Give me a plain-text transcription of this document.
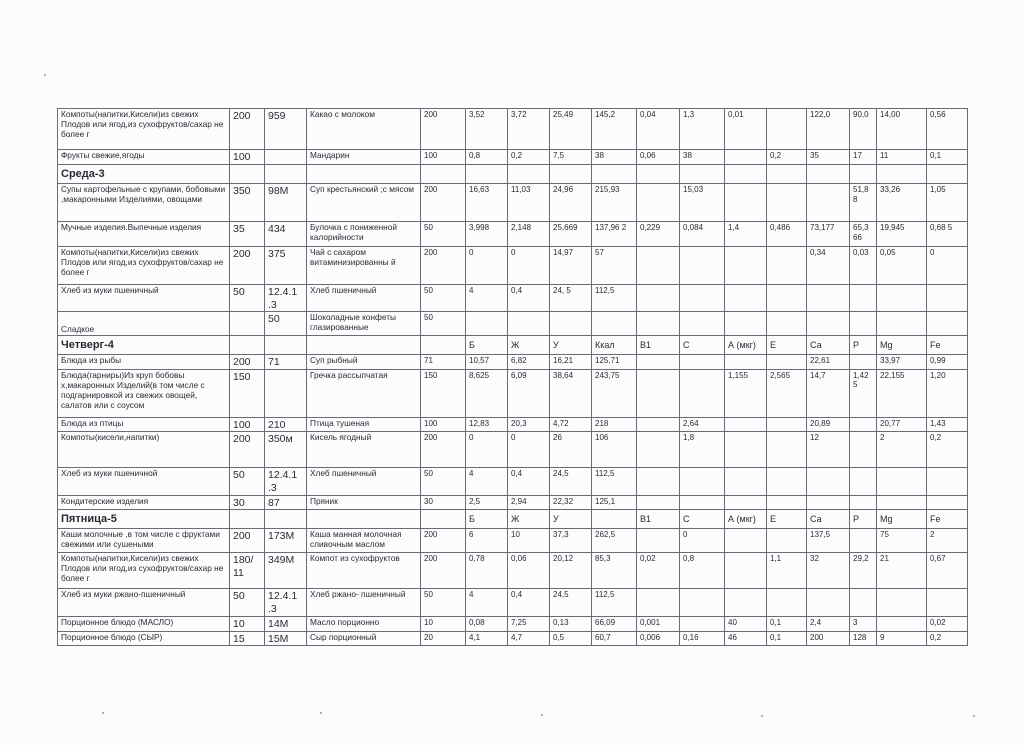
Компоты(напитки,Кисели)из свежих Плодов или ягод,из сухофруктов/сахар не более г	200	959	Какао с молоком	200	3,52	3,72	25,49	145,2	0,04	1,3	0,01		122,0	90,0	14,00	0,56
Фрукты свежие,ягоды	100		Мандарин	100	0,8	0,2	7,5	38	0,06	38		0,2	35	17	11	0,1
Среда-3																
Супы картофельные с крупами, бобовыми ,макаронными Изделиями, овощами	350	98М	Суп крестьянский ;с мясом	200	16,63	11,03	24,96	215,93		15,03				51,8 8	33,26	1,05
Мучные изделия.Выпечные изделия	35	434	Булочка с пониженной калорийности	50	3,998	2,148	25,669	137,96 2	0,229	0,084	1,4	0,486	73,177	65,3 66	19,945	0,68 5
Компоты(напитки,Кисели)из свежих Плодов или ягод,из сухофруктов/сахар не более г	200	375	Чай с сахаром витаминизированны й	200	0	0	14,97	57					0,34	0,03	0,05	0
Хлеб из муки пшеничный	50	12.4.1 .3	Хлеб пшеничный	50	4	0,4	24, 5	112,5								
Сладкое		50	Шоколадные конфеты глазированные	50												
Четверг-4					Б	Ж	У	Ккал	В1	С	А (мкг)	Е	Са	Р	Mg	Fe
Блюда из рыбы	200	71	Суп рыбный	71	10,57	6,82	16,21	125,71					22,61		33,97	0,99
Блюда(гарниры)Из круп бобовы х,макаронных Изделий(в том числе с подгарнировкой из свежих овощей, салатов или с соусом	150		Гречка рассыпчатая	150	8,625	6,09	38,64	243,75			1,155	2,565	14,7	1,42 5	22,155	1,20
Блюда из птицы	100	210	Птица тушеная	100	12,83	20,3	4,72	218		2,64			20,89		20,77	1,43
Компоты(кисели,напитки)	200	350м	Кисель ягодный	200	0	0	26	106		1,8			12		2	0,2
Хлеб из муки пшеничной	50	12.4.1 .3	Хлеб пшеничный	50	4	0,4	24,5	112,5								
Кондитерские изделия	30	87	Пряник	30	2,5	2,94	22,32	125,1								
Пятница-5					Б	Ж	У		В1	С	А (мкг)	Е	Са	Р	Mg	Fe
Каши молочные ,в том числе с фруктами свежими или сушеными	200	173М	Каша манная молочная сливочным маслом	200	6	10	37,3	262,5		0			137,5		75	2
Компоты(напитки,Кисели)из свежих Плодов или ягод,из сухофруктов/сахар не более г	180/ 11	349М	Компот из сухофруктов	200	0,78	0,06	20,12	85,3	0,02	0,8		1,1	32	29,2	21	0,67
Хлеб из муки ржано-пшеничный	50	12.4.1 .3	Хлеб ржано- пшеничный	50	4	0,4	24,5	112,5								
Порционное блюдо (МАСЛО)	10	14М	Масло порционно	10	0,08	7,25	0,13	66,09	0,001		40	0,1	2,4	3		0,02
Порционное блюдо (СЫР)	15	15М	Сыр порционный	20	4,1	4,7	0,5	60,7	0,006	0,16	46	0,1	200	128	9	0,2
